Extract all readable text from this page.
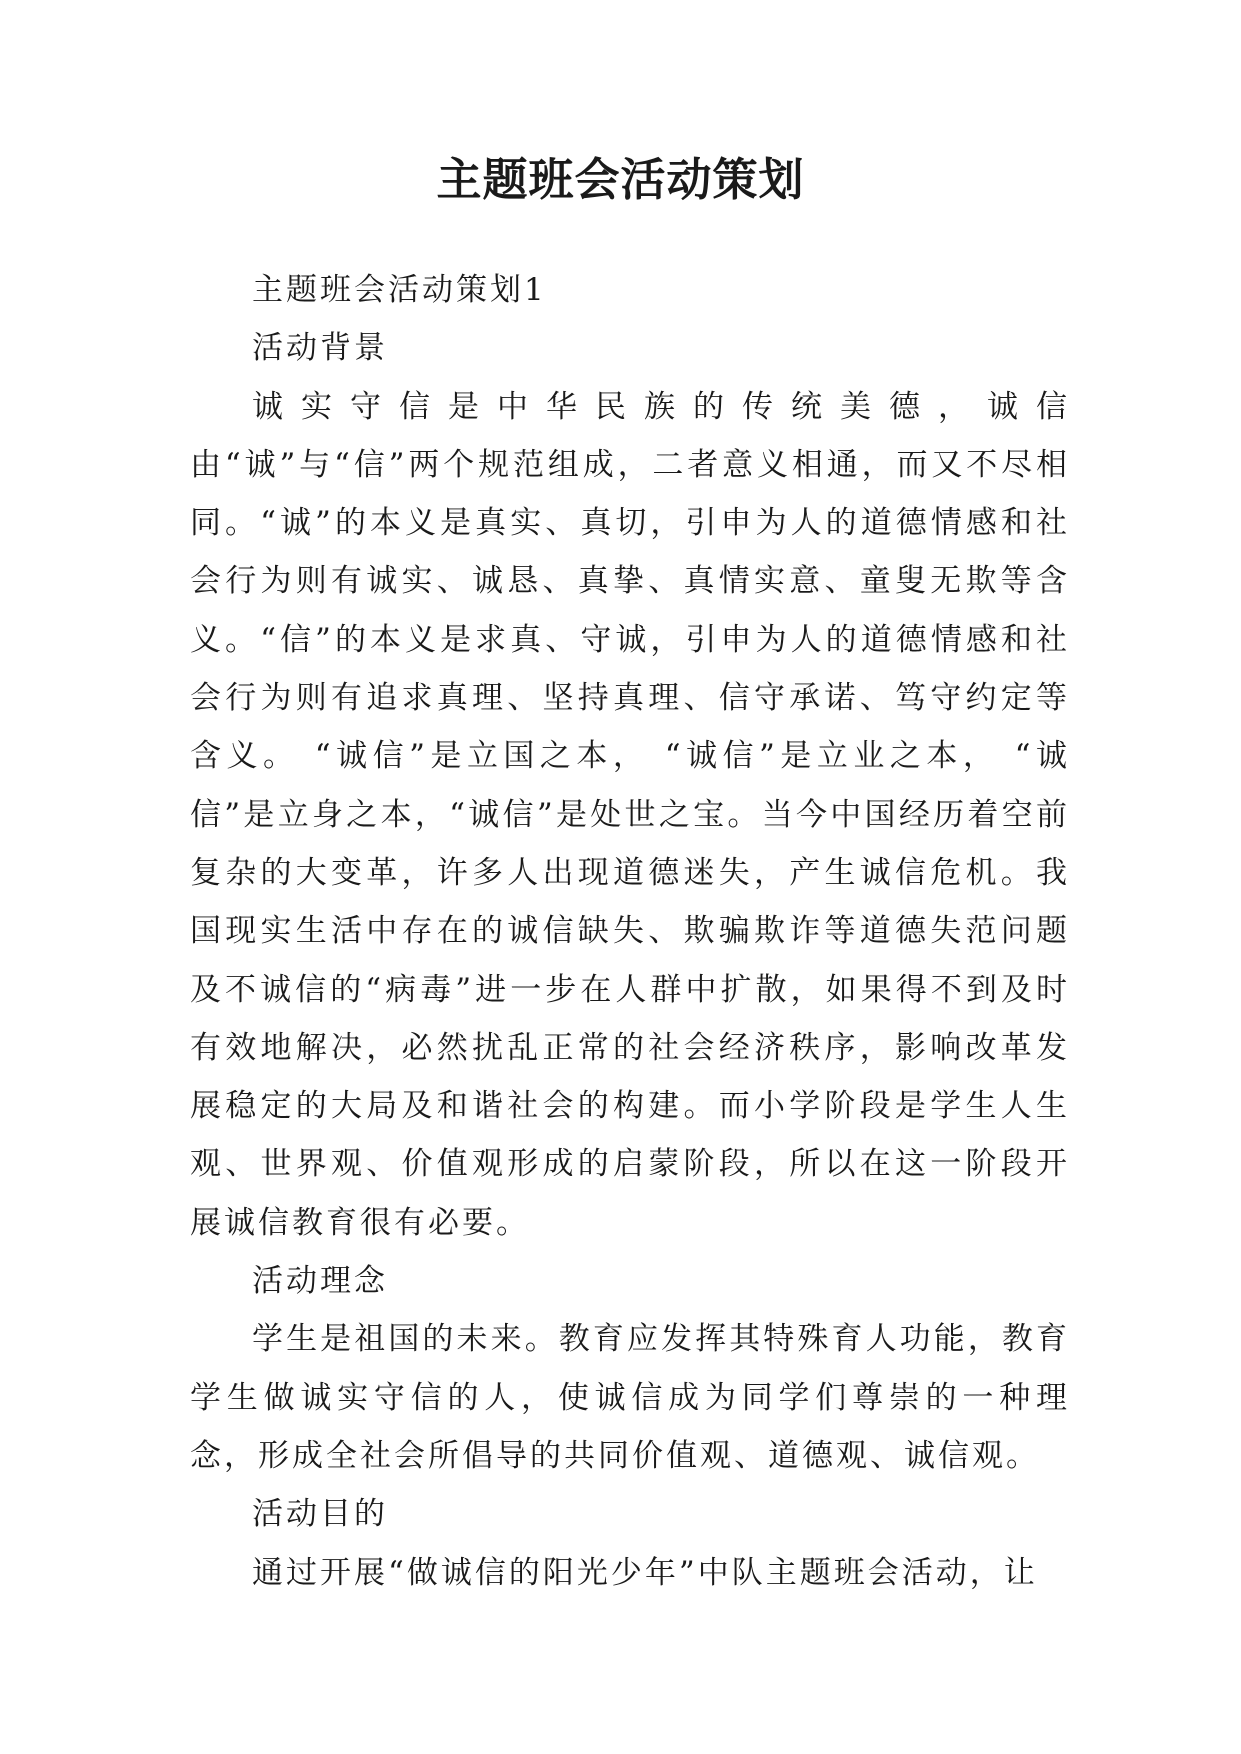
主题班会活动策划

主题班会活动策划1

活动背景

诚实守信是中华民族的传统美德，诚信由“诚”与“信”两个规范组成，二者意义相通，而又不尽相同。“诚”的本义是真实、真切，引申为人的道德情感和社会行为则有诚实、诚恳、真挚、真情实意、童叟无欺等含义。“信”的本义是求真、守诚，引申为人的道德情感和社会行为则有追求真理、坚持真理、信守承诺、笃守约定等含义。 “诚信”是立国之本， “诚信”是立业之本， “诚信”是立身之本，“诚信”是处世之宝。当今中国经历着空前复杂的大变革，许多人出现道德迷失，产生诚信危机。我国现实生活中存在的诚信缺失、欺骗欺诈等道德失范问题及不诚信的“病毒”进一步在人群中扩散，如果得不到及时有效地解决，必然扰乱正常的社会经济秩序，影响改革发展稳定的大局及和谐社会的构建。而小学阶段是学生人生观、世界观、价值观形成的启蒙阶段，所以在这一阶段开展诚信教育很有必要。

活动理念

学生是祖国的未来。教育应发挥其特殊育人功能，教育学生做诚实守信的人，使诚信成为同学们尊崇的一种理念，形成全社会所倡导的共同价值观、道德观、诚信观。

活动目的

通过开展“做诚信的阳光少年”中队主题班会活动，让
